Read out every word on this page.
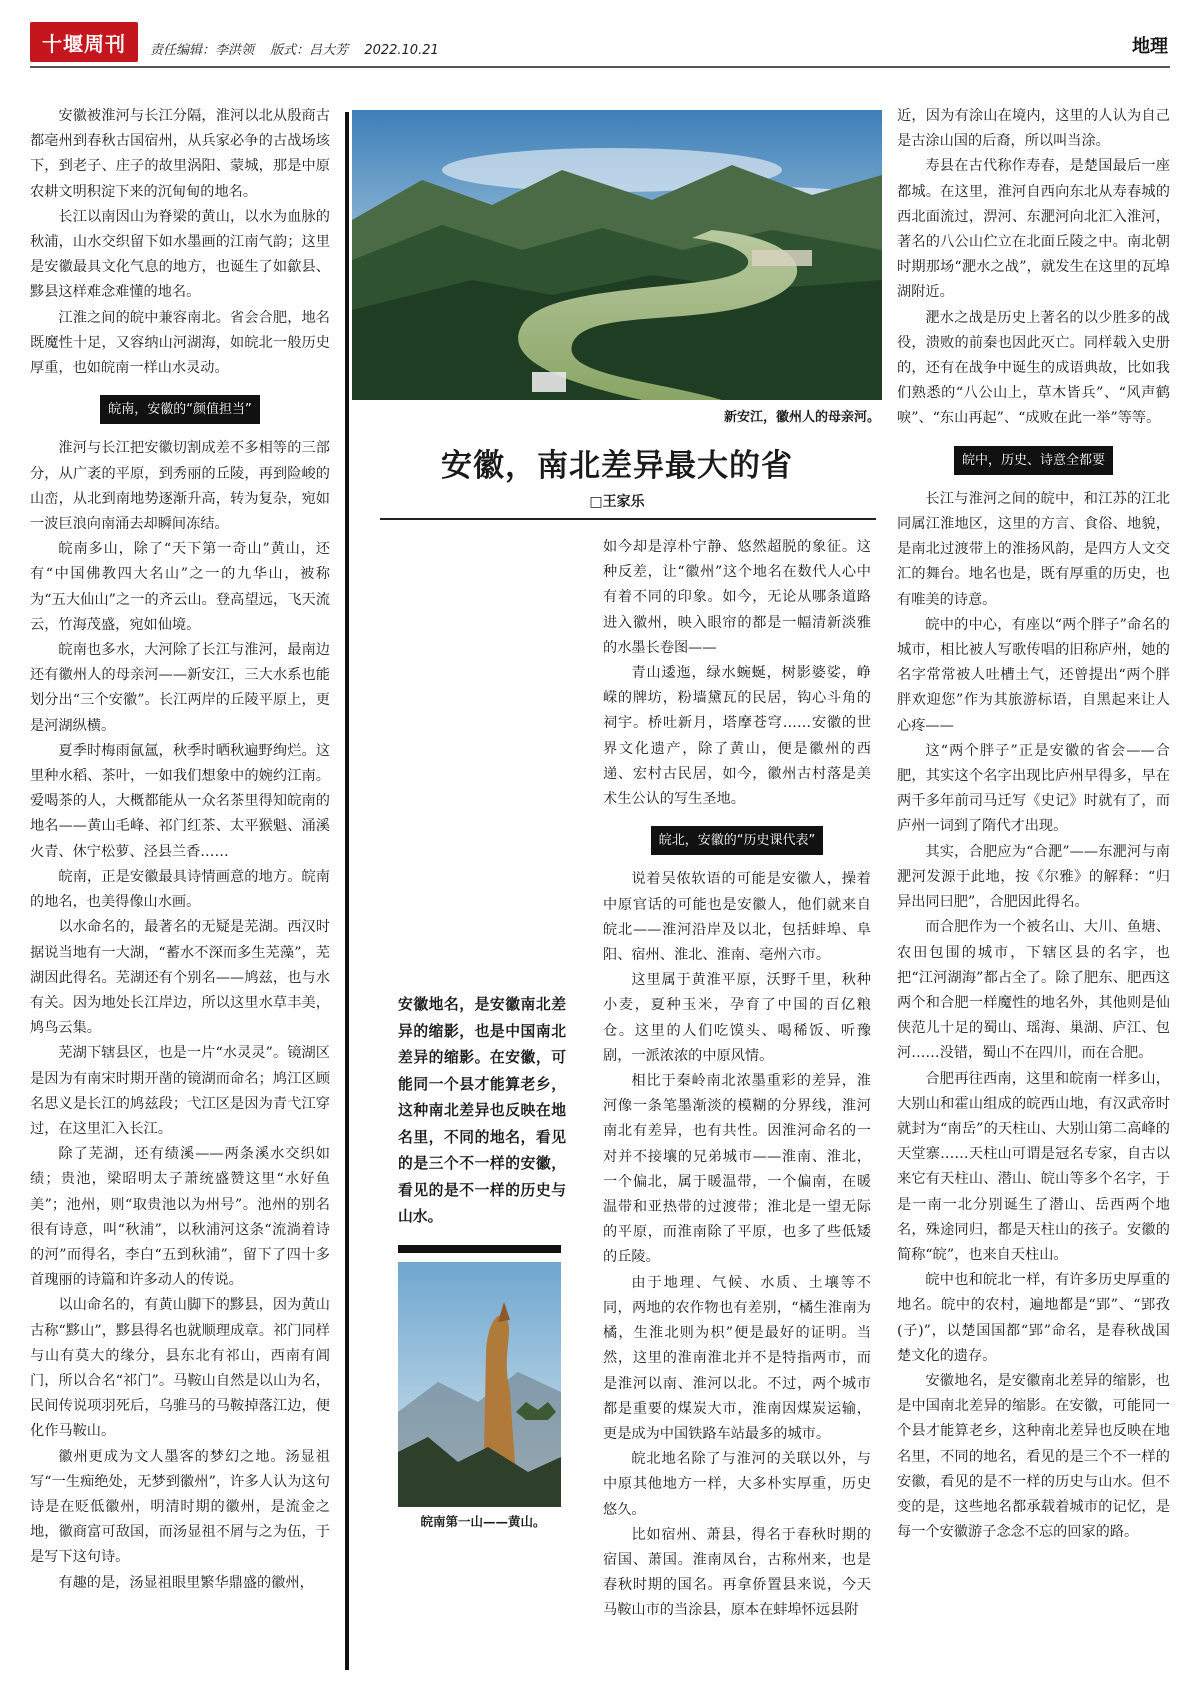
十堰周刊	责任编辑：李洪领 版式：吕大芳 2022.10.21	地理

安徽被淮河与长江分隔，淮河以北从殷商古都亳州到春秋古国宿州，从兵家必争的古战场垓下，到老子、庄子的故里涡阳、蒙城，那是中原农耕文明积淀下来的沉甸甸的地名。

长江以南因山为脊梁的黄山，以水为血脉的秋浦，山水交织留下如水墨画的江南气韵；这里是安徽最具文化气息的地方，也诞生了如歙县、黟县这样难念难懂的地名。

江淮之间的皖中兼容南北。省会合肥，地名既魔性十足，又容纳山河湖海，如皖北一般历史厚重，也如皖南一样山水灵动。

皖南，安徽的“颜值担当”

淮河与长江把安徽切割成差不多相等的三部分，从广袤的平原，到秀丽的丘陵，再到险峻的山峦，从北到南地势逐渐升高，转为复杂，宛如一波巨浪向南涌去却瞬间冻结。

皖南多山，除了“天下第一奇山”黄山，还有“中国佛教四大名山”之一的九华山，被称为“五大仙山”之一的齐云山。登高望远，飞天流云，竹海茂盛，宛如仙境。

皖南也多水，大河除了长江与淮河，最南边还有徽州人的母亲河——新安江，三大水系也能划分出“三个安徽”。长江两岸的丘陵平原上，更是河湖纵横。

夏季时梅雨氤氲，秋季时晒秋遍野绚烂。这里种水稻、茶叶，一如我们想象中的婉约江南。爱喝茶的人，大概都能从一众名茶里得知皖南的地名——黄山毛峰、祁门红茶、太平猴魁、涌溪火青、休宁松萝、泾县兰香……

皖南，正是安徽最具诗情画意的地方。皖南的地名，也美得像山水画。

以水命名的，最著名的无疑是芜湖。西汉时据说当地有一大湖，“蓄水不深而多生芜藻”，芜湖因此得名。芜湖还有个别名——鸠兹，也与水有关。因为地处长江岸边，所以这里水草丰美，鸠鸟云集。

芜湖下辖县区，也是一片“水灵灵”。镜湖区是因为有南宋时期开凿的镜湖而命名；鸠江区顾名思义是长江的鸠兹段；弋江区是因为青弋江穿过，在这里汇入长江。

除了芜湖，还有绩溪——两条溪水交织如绩；贵池，梁昭明太子萧统盛赞这里“水好鱼美”；池州，则“取贵池以为州号”。池州的别名很有诗意，叫“秋浦”，以秋浦河这条“流淌着诗的河”而得名，李白“五到秋浦”，留下了四十多首瑰丽的诗篇和许多动人的传说。

以山命名的，有黄山脚下的黟县，因为黄山古称“黟山”，黟县得名也就顺理成章。祁门同样与山有莫大的缘分，县东北有祁山，西南有阊门，所以合名“祁门”。马鞍山自然是以山为名，民间传说项羽死后，乌骓马的马鞍掉落江边，便化作马鞍山。

徽州更成为文人墨客的梦幻之地。汤显祖写“一生痴绝处，无梦到徽州”，许多人认为这句诗是在贬低徽州，明清时期的徽州，是流金之地，徽商富可敌国，而汤显祖不屑与之为伍，于是写下这句诗。

有趣的是，汤显祖眼里繁华鼎盛的徽州，

新安江，徽州人的母亲河。
安徽，南北差异最大的省
□王家乐

如今却是淳朴宁静、悠然超脱的象征。这种反差，让“徽州”这个地名在数代人心中有着不同的印象。如今，无论从哪条道路进入徽州，映入眼帘的都是一幅清新淡雅的水墨长卷图——

青山逶迤，绿水蜿蜒，树影婆娑，峥嵘的牌坊，粉墙黛瓦的民居，钩心斗角的祠宇。桥吐新月，塔摩苍穹……安徽的世界文化遗产，除了黄山，便是徽州的西递、宏村古民居，如今，徽州古村落是美术生公认的写生圣地。

皖北，安徽的“历史课代表”

说着吴侬软语的可能是安徽人，操着中原官话的可能也是安徽人，他们就来自皖北——淮河沿岸及以北，包括蚌埠、阜阳、宿州、淮北、淮南、亳州六市。

这里属于黄淮平原，沃野千里，秋种小麦，夏种玉米，孕育了中国的百亿粮仓。这里的人们吃馍头、喝稀饭、听豫剧，一派浓浓的中原风情。

相比于秦岭南北浓墨重彩的差异，淮河像一条笔墨渐淡的模糊的分界线，淮河南北有差异，也有共性。因淮河命名的一对并不接壤的兄弟城市——淮南、淮北，一个偏北，属于暖温带，一个偏南，在暖温带和亚热带的过渡带；淮北是一望无际的平原，而淮南除了平原，也多了些低矮的丘陵。

由于地理、气候、水质、土壤等不同，两地的农作物也有差别，“橘生淮南为橘，生淮北则为枳”便是最好的证明。当然，这里的淮南淮北并不是特指两市，而是淮河以南、淮河以北。不过，两个城市都是重要的煤炭大市，淮南因煤炭运输，更是成为中国铁路车站最多的城市。

皖北地名除了与淮河的关联以外，与中原其他地方一样，大多朴实厚重，历史悠久。

比如宿州、萧县，得名于春秋时期的宿国、萧国。淮南凤台，古称州来，也是春秋时期的国名。再拿侨置县来说，今天马鞍山市的当涂县，原本在蚌埠怀远县附

安徽地名，是安徽南北差异的缩影，也是中国南北差异的缩影。在安徽，可能同一个县才能算老乡，这种南北差异也反映在地名里，不同的地名，看见的是三个不一样的安徽，看见的是不一样的历史与山水。
皖南第一山——黄山。

近，因为有涂山在境内，这里的人认为自己是古涂山国的后裔，所以叫当涂。

寿县在古代称作寿春，是楚国最后一座都城。在这里，淮河自西向东北从寿春城的西北面流过，淠河、东淝河向北汇入淮河，著名的八公山伫立在北面丘陵之中。南北朝时期那场“淝水之战”，就发生在这里的瓦埠湖附近。

淝水之战是历史上著名的以少胜多的战役，溃败的前秦也因此灭亡。同样载入史册的，还有在战争中诞生的成语典故，比如我们熟悉的“八公山上，草木皆兵”、“风声鹤唳”、“东山再起”、“成败在此一举”等等。

皖中，历史、诗意全都要

长江与淮河之间的皖中，和江苏的江北同属江淮地区，这里的方言、食俗、地貌，是南北过渡带上的淮扬风韵，是四方人文交汇的舞台。地名也是，既有厚重的历史，也有唯美的诗意。

皖中的中心，有座以“两个胖子”命名的城市，相比被人写歌传唱的旧称庐州，她的名字常常被人吐槽土气，还曾提出“两个胖胖欢迎您”作为其旅游标语，自黑起来让人心疼——

这“两个胖子”正是安徽的省会——合肥，其实这个名字出现比庐州早得多，早在两千多年前司马迁写《史记》时就有了，而庐州一词到了隋代才出现。

其实，合肥应为“合淝”——东淝河与南淝河发源于此地，按《尔雅》的解释：“归异出同曰肥”，合肥因此得名。

而合肥作为一个被名山、大川、鱼塘、农田包围的城市，下辖区县的名字，也把“江河湖海”都占全了。除了肥东、肥西这两个和合肥一样魔性的地名外，其他则是仙侠范儿十足的蜀山、瑶海、巢湖、庐江、包河……没错，蜀山不在四川，而在合肥。

合肥再往西南，这里和皖南一样多山，大别山和霍山组成的皖西山地，有汉武帝时就封为“南岳”的天柱山、大别山第二高峰的天堂寨……天柱山可谓是冠名专家，自古以来它有天柱山、潜山、皖山等多个名字，于是一南一北分别诞生了潜山、岳西两个地名，殊途同归，都是天柱山的孩子。安徽的简称“皖”，也来自天柱山。

皖中也和皖北一样，有许多历史厚重的地名。皖中的农村，遍地都是“郢”、“郢孜(子)”，以楚国国都“郢”命名，是春秋战国楚文化的遗存。

安徽地名，是安徽南北差异的缩影，也是中国南北差异的缩影。在安徽，可能同一个县才能算老乡，这种南北差异也反映在地名里，不同的地名，看见的是三个不一样的安徽，看见的是不一样的历史与山水。但不变的是，这些地名都承载着城市的记忆，是每一个安徽游子念念不忘的回家的路。
